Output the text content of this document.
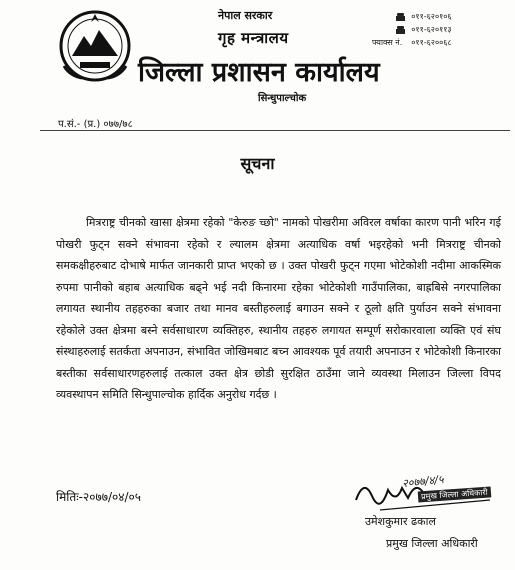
नेपाल सरकार
गृह मन्त्रालय
जिल्ला प्रशासन कार्यालय
सिन्धुपाल्चोक
०११-६२०१०६
०११-६२०११३
फ्याक्स नं. ०११-६२००६८
प.सं.- (प्र.) ०७७/७८
सूचना

मित्रराष्ट्र चीनको खासा क्षेत्रमा रहेको "केरुङ च्छो" नामको पोखरीमा अविरल वर्षाका कारण पानी भरिन गई पोखरी फुट्न सक्ने संभावना रहेको र ल्यालम क्षेत्रमा अत्याधिक वर्षा भइरहेको भनी मित्रराष्ट्र चीनको समकक्षीहरुबाट दोभाषे मार्फत जानकारी प्राप्त भएको छ । उक्त पोखरी फुट्न गएमा भोटेकोशी नदीमा आकस्मिक रुपमा पानीको बहाब अत्याधिक बढ्ने भई नदी किनारमा रहेका भोटेकोशी गाउँपालिका, बाह्रबिसे नगरपालिका लगायत स्थानीय तहहरुका बजार तथा मानव बस्तीहरुलाई बगाउन सक्ने र ठूलो क्षति पुर्याउन सक्ने संभावना रहेकोले उक्त क्षेत्रमा बस्ने सर्वसाधारण व्यक्तिहरु, स्थानीय तहहरु लगायत सम्पूर्ण सरोकारवाला व्यक्ति एवं संघ संस्थाहरुलाई सतर्कता अपनाउन, संभावित जोखिमबाट बच्न आवश्यक पूर्व तयारी अपनाउन र भोटेकोशी किनारका बस्तीका सर्वसाधारणहरुलाई तत्काल उक्त क्षेत्र छोडी सुरक्षित ठाउँमा जाने व्यवस्था मिलाउन जिल्ला विपद व्यवस्थापन समिति सिन्धुपाल्चोक हार्दिक अनुरोध गर्दछ ।

मितिः-२०७७/०४/०५
२०७७/४/५
प्रमुख जिल्ला अधिकारी
उमेशकुमार ढकाल
प्रमुख जिल्ला अधिकारी
